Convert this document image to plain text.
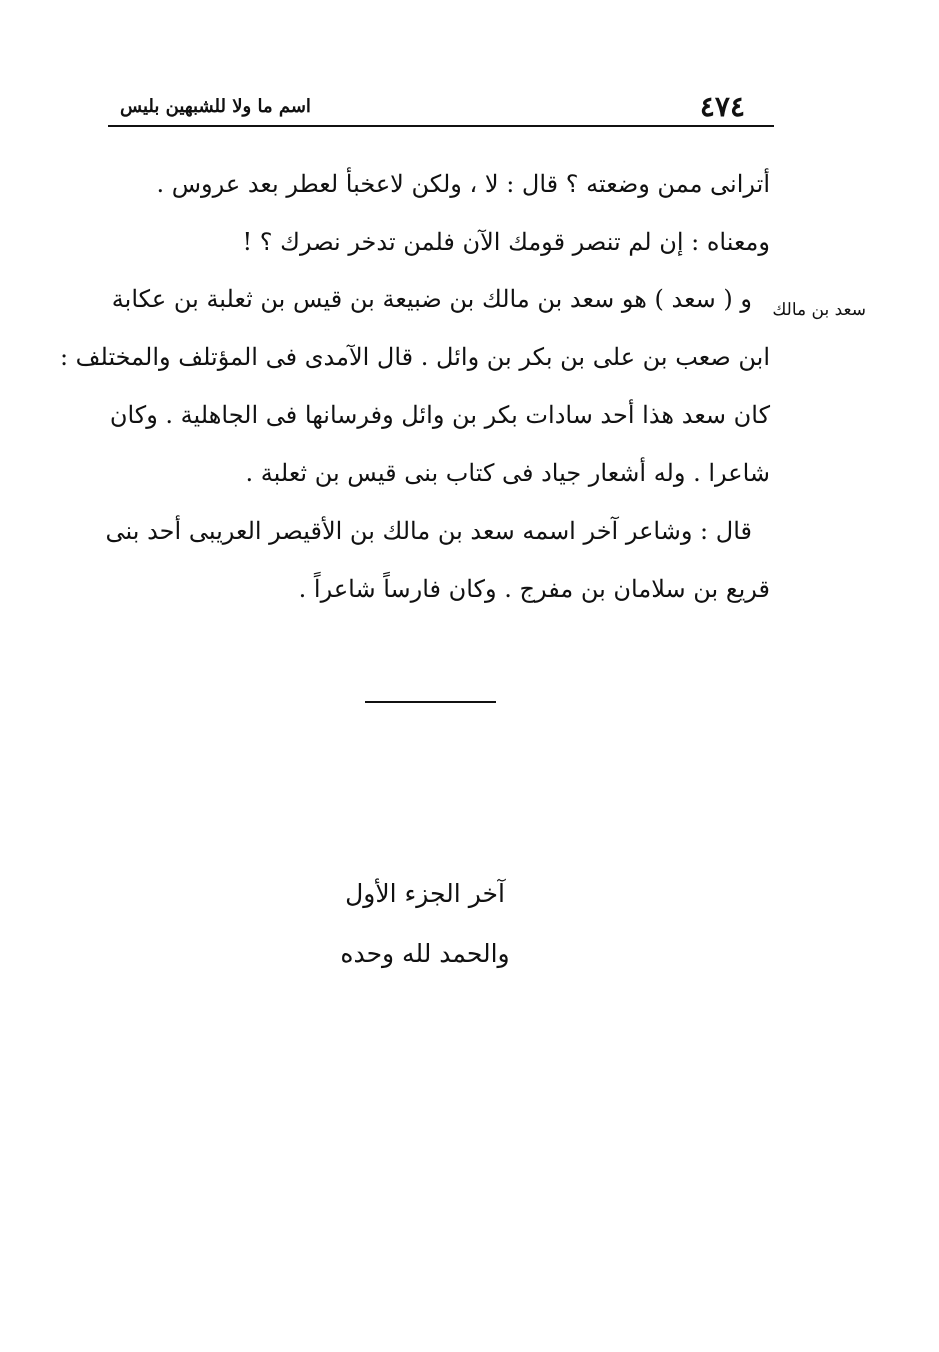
٤٧٤
اسم ما ولا للشبهين بليس
أترانى ممن وضعته ؟ قال : لا ، ولكن لاعخبأ لعطر بعد عروس .
ومعناه : إن لم تنصر قومك الآن فلمن تدخر نصرك ؟ !
سعد بن مالك
و ( سعد ) هو سعد بن مالك بن ضبيعة بن قيس بن ثعلبة بن عكابة
ابن صعب بن على بن بكر بن وائل . قال الآمدى فى المؤتلف والمختلف :
كان سعد هذا أحد سادات بكر بن وائل وفرسانها فى الجاهلية . وكان
شاعرا . وله أشعار جياد فى كتاب بنى قيس بن ثعلبة .
قال : وشاعر آخر اسمه سعد بن مالك بن الأقيصر العريبى أحد بنى
قريع بن سلامان بن مفرج . وكان فارساً شاعراً .
آخر الجزء الأول
والحمد لله وحده
